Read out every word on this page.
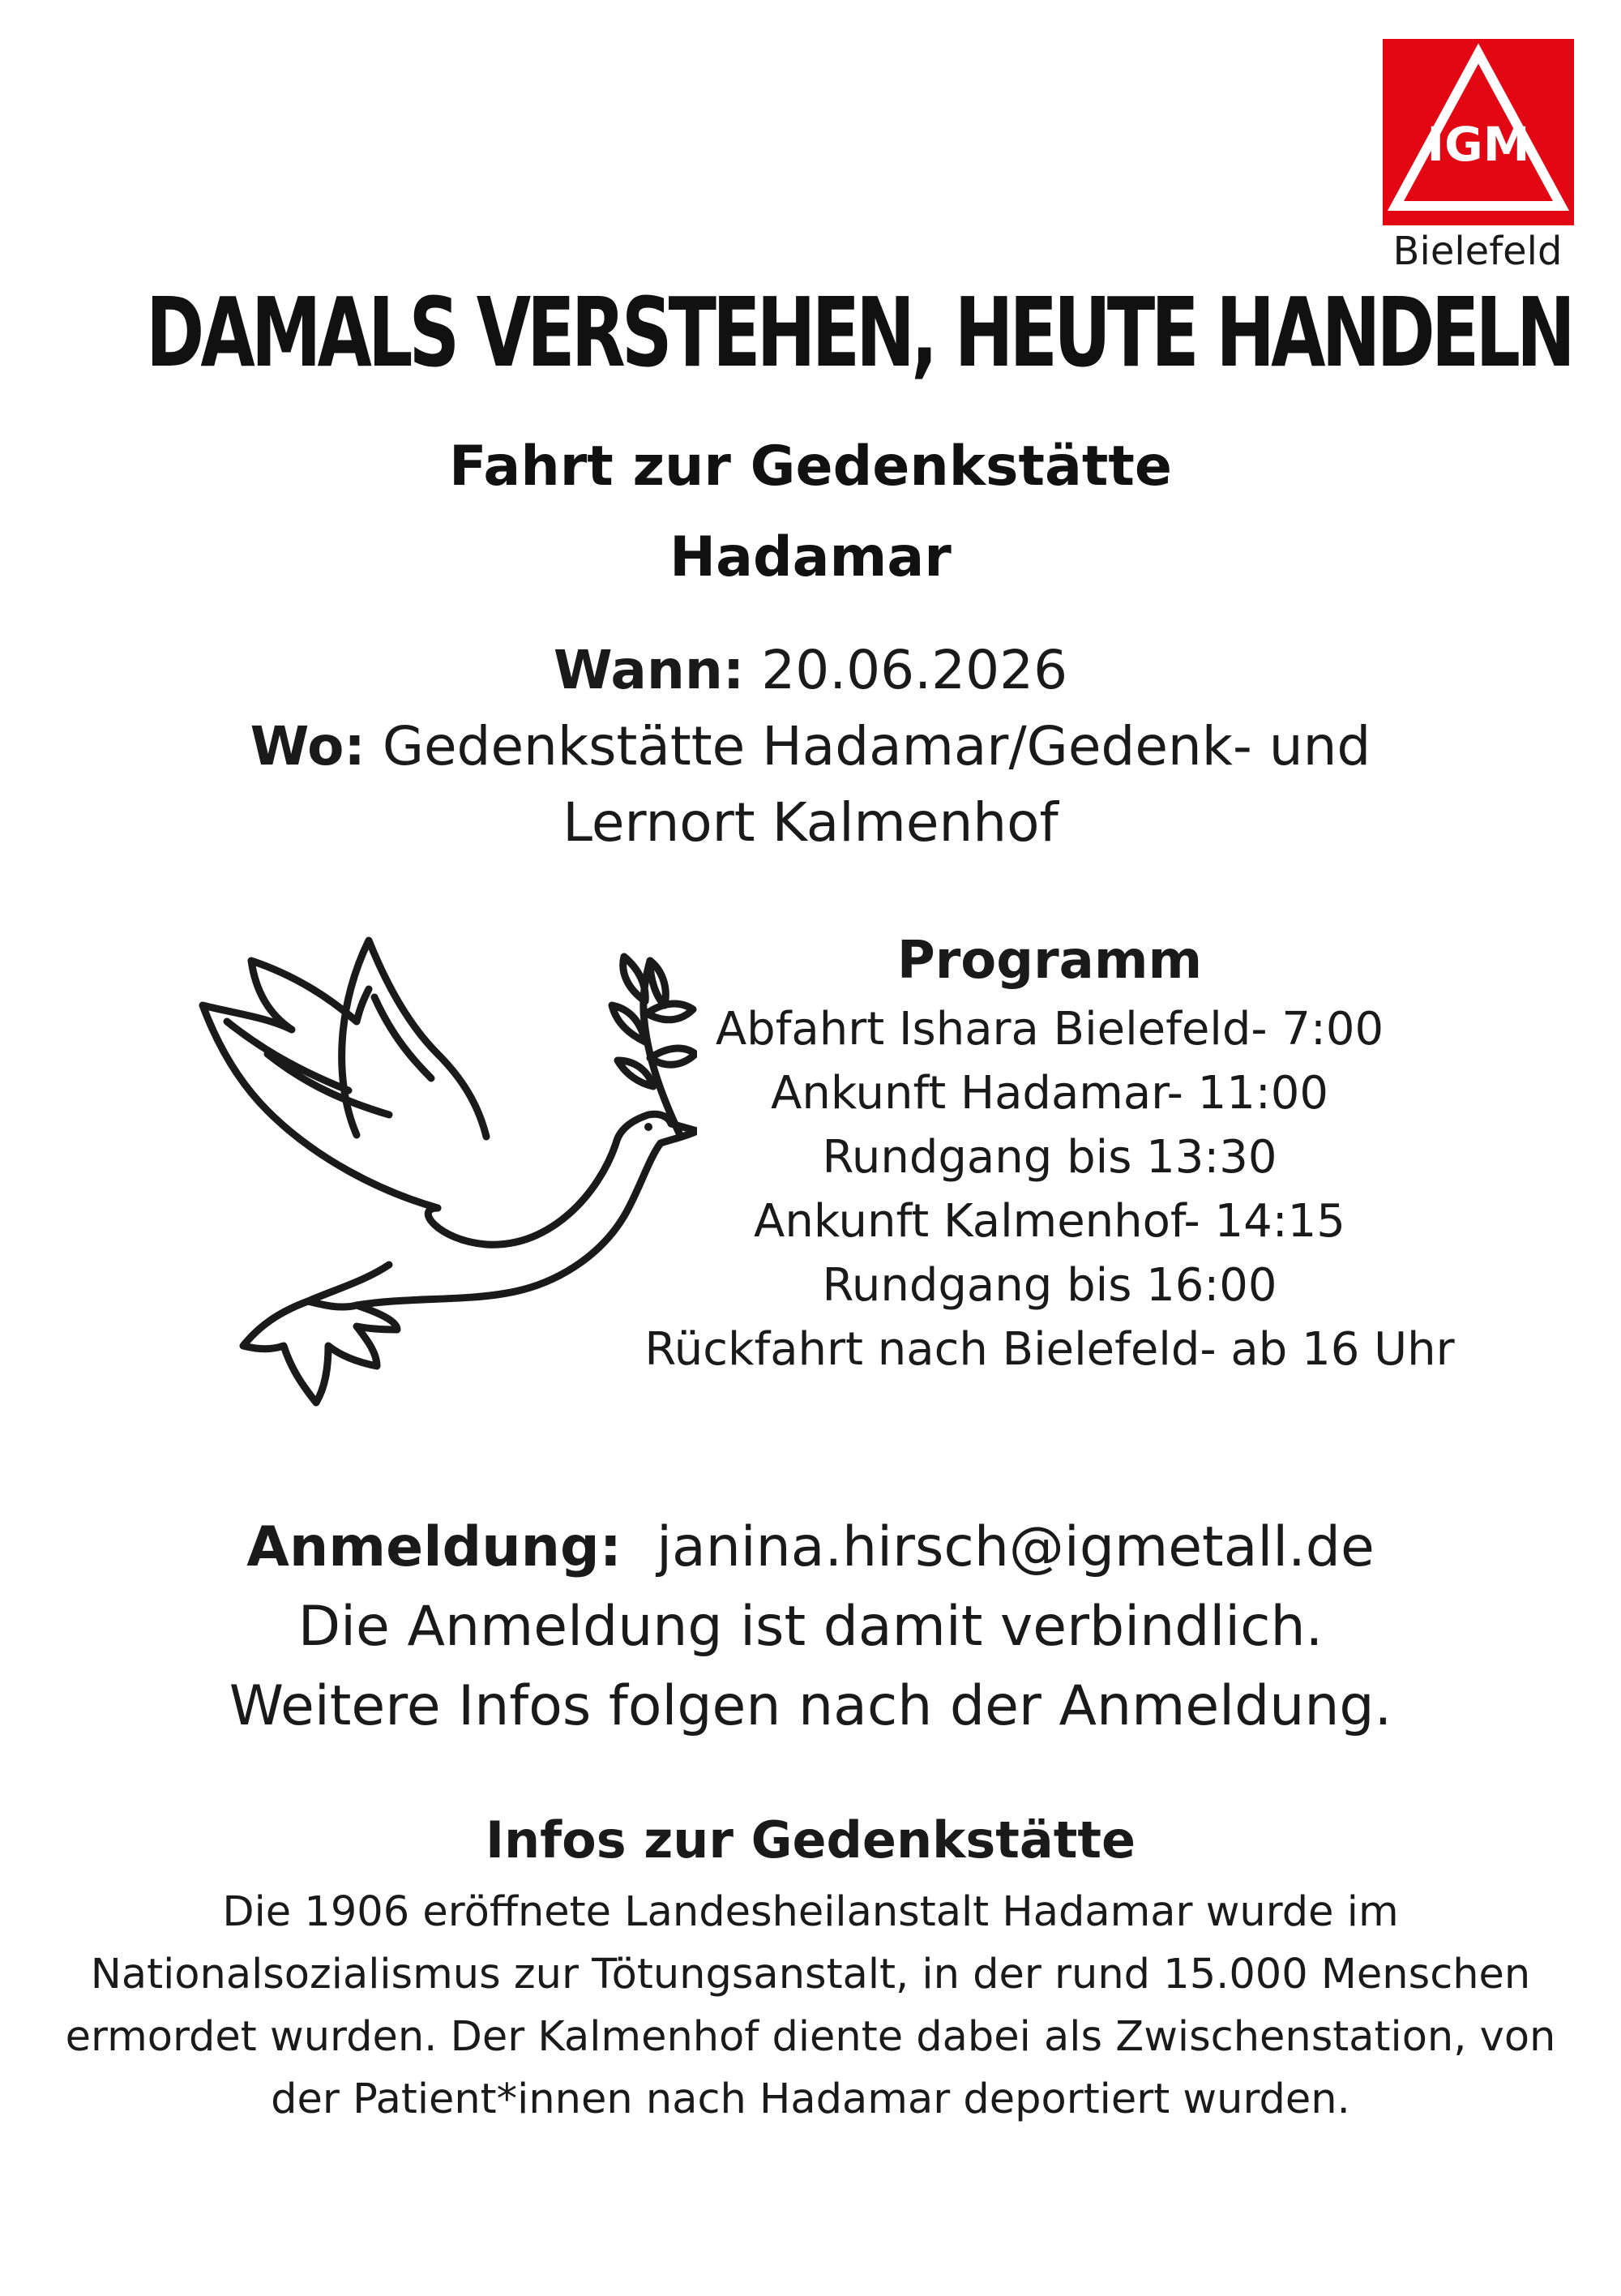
IGM
Bielefeld
DAMALS VERSTEHEN, HEUTE HANDELN
Fahrt zur Gedenkstätte
Hadamar
Wann: 20.06.2026
Wo: Gedenkstätte Hadamar/Gedenk- und
Lernort Kalmenhof
Programm
Abfahrt Ishara Bielefeld- 7:00
Ankunft Hadamar- 11:00
Rundgang bis 13:30
Ankunft Kalmenhof- 14:15
Rundgang bis 16:00
Rückfahrt nach Bielefeld- ab 16 Uhr
Anmeldung: janina.hirsch@igmetall.de
Die Anmeldung ist damit verbindlich.
Weitere Infos folgen nach der Anmeldung.
Infos zur Gedenkstätte
Die 1906 eröffnete Landesheilanstalt Hadamar wurde im
Nationalsozialismus zur Tötungsanstalt, in der rund 15.000 Menschen
ermordet wurden. Der Kalmenhof diente dabei als Zwischenstation, von
der Patient*innen nach Hadamar deportiert wurden.
